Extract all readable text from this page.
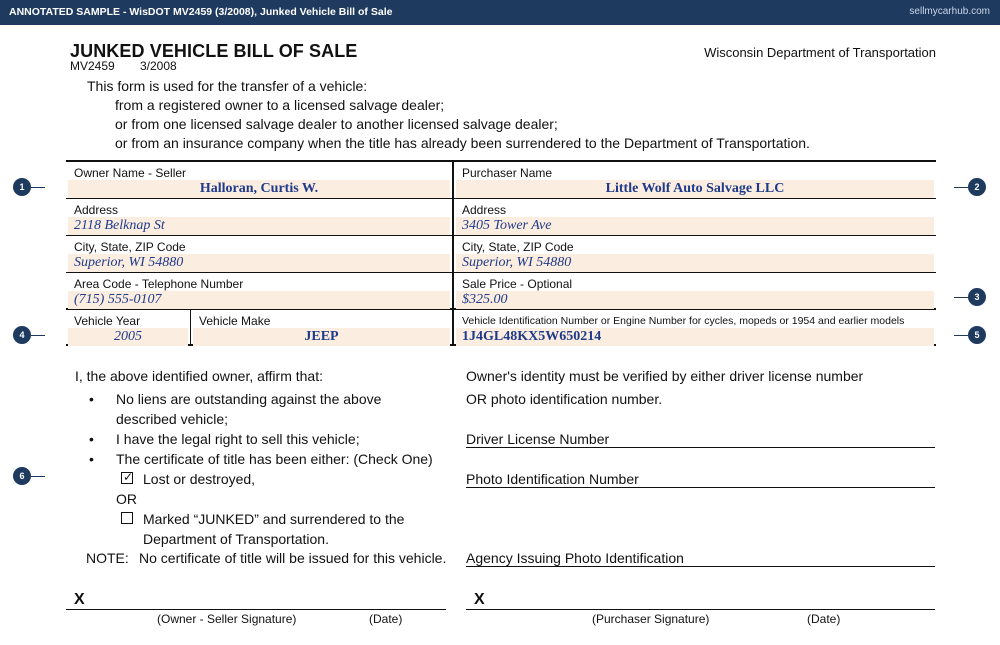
ANNOTATED SAMPLE - WisDOT MV2459 (3/2008), Junked Vehicle Bill of Sale	sellmycarhub.com
JUNKED VEHICLE BILL OF SALE
MV2459 3/2008
Wisconsin Department of Transportation
This form is used for the transfer of a vehicle:
from a registered owner to a licensed salvage dealer;
or from one licensed salvage dealer to another licensed salvage dealer;
or from an insurance company when the title has already been surrendered to the Department of Transportation.
Owner Name - Seller
Halloran, Curtis W.
Address
2118 Belknap St
City, State, ZIP Code
Superior, WI 54880
Area Code - Telephone Number
(715) 555-0107
Vehicle Year
2005
Vehicle Make
JEEP
Purchaser Name
Little Wolf Auto Salvage LLC
Address
3405 Tower Ave
City, State, ZIP Code
Superior, WI 54880
Sale Price - Optional
$325.00
Vehicle Identification Number or Engine Number for cycles, mopeds or 1954 and earlier models
1J4GL48KX5W650214
1	2
3
4	5
6
I, the above identified owner, affirm that:
• No liens are outstanding against the above
described vehicle;
• I have the legal right to sell this vehicle;
• The certificate of title has been either: (Check One)
✓ Lost or destroyed,
OR
Marked “JUNKED” and surrendered to the
Department of Transportation.
NOTE: No certificate of title will be issued for this vehicle.
Owner's identity must be verified by either driver license number
OR photo identification number.
Driver License Number
Photo Identification Number
Agency Issuing Photo Identification
X
(Owner - Seller Signature)	(Date)
X
(Purchaser Signature)	(Date)
